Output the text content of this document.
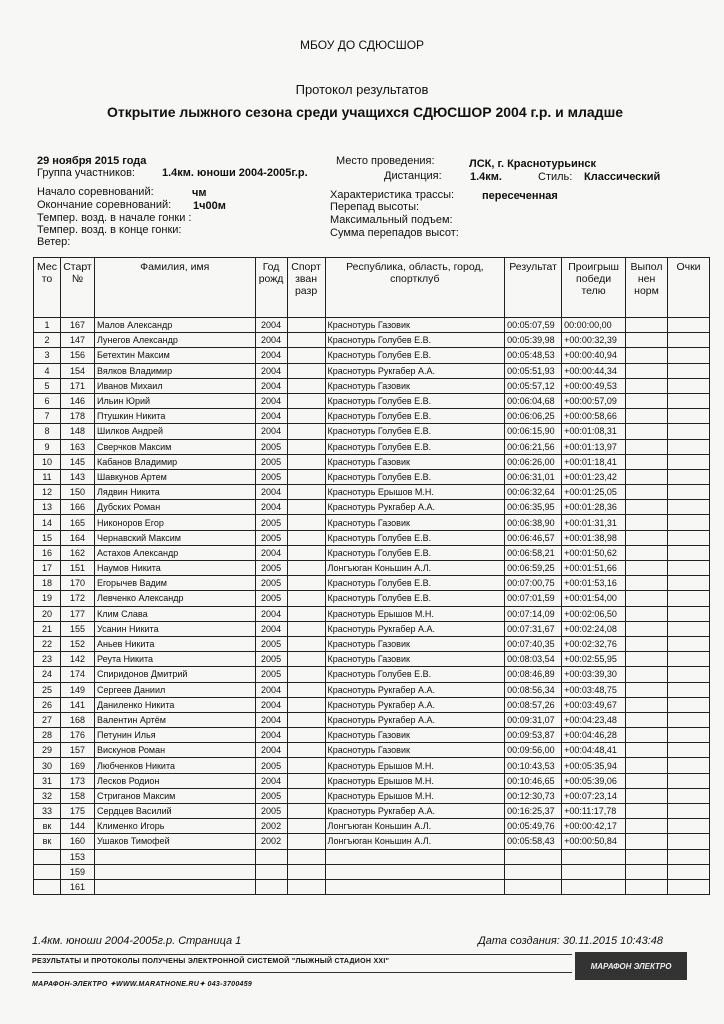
МБОУ ДО СДЮСШОР
Протокол результатов
Открытие лыжного сезона среди учащихся СДЮСШОР 2004 г.р. и младше
29 ноября 2015 года
Группа участников: 1.4км. юноши 2004-2005г.р.
Место проведения:	ЛСК, г. Краснотурьинск
Дистанция:	1.4км.	Стиль: Классический
Начало соревнований:	чм
Окончание соревнований: 1ч00м
Темпер. возд. в начале гонки :
Темпер. возд. в конце гонки:
Ветер:
Характеристика трассы:	пересеченная
Перепад высоты:
Максимальный подъем:
Сумма перепадов высот:
Мес то	Старт №	Фамилия, имя	Год рожд	Спорт зван разр	Республика, область, город, спортклуб	Результат	Проигрыш победи телю	Выпол нен норм	Очки
1	167	Малов Александр	2004		Краснотурь Газовик	00:05:07,59	00:00:00,00		
2	147	Лунегов Александр	2004		Краснотурь Голубев Е.В.	00:05:39,98	+00:00:32,39		
3	156	Бетехтин Максим	2004		Краснотурь Голубев Е.В.	00:05:48,53	+00:00:40,94		
4	154	Вялков Владимир	2004		Краснотурь Рукгабер А.А.	00:05:51,93	+00:00:44,34		
5	171	Иванов Михаил	2004		Краснотурь Газовик	00:05:57,12	+00:00:49,53		
6	146	Ильин Юрий	2004		Краснотурь Голубев Е.В.	00:06:04,68	+00:00:57,09		
7	178	Птушкин Никита	2004		Краснотурь Голубев Е.В.	00:06:06,25	+00:00:58,66		
8	148	Шилков Андрей	2004		Краснотурь Голубев Е.В.	00:06:15,90	+00:01:08,31		
9	163	Сверчков Максим	2005		Краснотурь Голубев Е.В.	00:06:21,56	+00:01:13,97		
10	145	Кабанов Владимир	2005		Краснотурь Газовик	00:06:26,00	+00:01:18,41		
11	143	Шавкунов Артем	2005		Краснотурь Голубев Е.В.	00:06:31,01	+00:01:23,42		
12	150	Лядвин Никита	2004		Краснотурь Ерышов М.Н.	00:06:32,64	+00:01:25,05		
13	166	Дубских Роман	2004		Краснотурь Рукгабер А.А.	00:06:35,95	+00:01:28,36		
14	165	Никоноров Егор	2005		Краснотурь Газовик	00:06:38,90	+00:01:31,31		
15	164	Чернавский Максим	2005		Краснотурь Голубев Е.В.	00:06:46,57	+00:01:38,98		
16	162	Астахов Александр	2004		Краснотурь Голубев Е.В.	00:06:58,21	+00:01:50,62		
17	151	Наумов Никита	2005		Лонгъюган Коньшин А.Л.	00:06:59,25	+00:01:51,66		
18	170	Егорычев Вадим	2005		Краснотурь Голубев Е.В.	00:07:00,75	+00:01:53,16		
19	172	Левченко Александр	2005		Краснотурь Голубев Е.В.	00:07:01,59	+00:01:54,00		
20	177	Клим Слава	2004		Краснотурь Ерышов М.Н.	00:07:14,09	+00:02:06,50		
21	155	Усанин Никита	2004		Краснотурь Рукгабер А.А.	00:07:31,67	+00:02:24,08		
22	152	Аньев Никита	2005		Краснотурь Газовик	00:07:40,35	+00:02:32,76		
23	142	Реута Никита	2005		Краснотурь Газовик	00:08:03,54	+00:02:55,95		
24	174	Спиридонов Дмитрий	2005		Краснотурь Голубев Е.В.	00:08:46,89	+00:03:39,30		
25	149	Сергеев Даниил	2004		Краснотурь Рукгабер А.А.	00:08:56,34	+00:03:48,75		
26	141	Даниленко Никита	2004		Краснотурь Рукгабер А.А.	00:08:57,26	+00:03:49,67		
27	168	Валентин Артём	2004		Краснотурь Рукгабер А.А.	00:09:31,07	+00:04:23,48		
28	176	Петунин Илья	2004		Краснотурь Газовик	00:09:53,87	+00:04:46,28		
29	157	Вискунов Роман	2004		Краснотурь Газовик	00:09:56,00	+00:04:48,41		
30	169	Любченков Никита	2005		Краснотурь Ерышов М.Н.	00:10:43,53	+00:05:35,94		
31	173	Лесков Родион	2004		Краснотурь Ерышов М.Н.	00:10:46,65	+00:05:39,06		
32	158	Стриганов Максим	2005		Краснотурь Ерышов М.Н.	00:12:30,73	+00:07:23,14		
33	175	Сердцев Василий	2005		Краснотурь Рукгабер А.А.	00:16:25,37	+00:11:17,78		
вк	144	Клименко Игорь	2002		Лонгъюган Коньшин А.Л.	00:05:49,76	+00:00:42,17		
вк	160	Ушаков Тимофей	2002		Лонгъюган Коньшин А.Л.	00:05:58,43	+00:00:50,84		
	153								
	159								
	161								
1.4км. юноши 2004-2005г.р. Страница 1	Дата создания: 30.11.2015 10:43:48
РЕЗУЛЬТАТЫ И ПРОТОКОЛЫ ПОЛУЧЕНЫ ЭЛЕКТРОННОЙ СИСТЕМОЙ "ЛЫЖНЫЙ СТАДИОН XXI"
МАРАФОН-ЭЛЕКТРО ✦WWW.MARATHONE.RU✦ 043-3700459
МАРАФОН ЭЛЕКТРО
